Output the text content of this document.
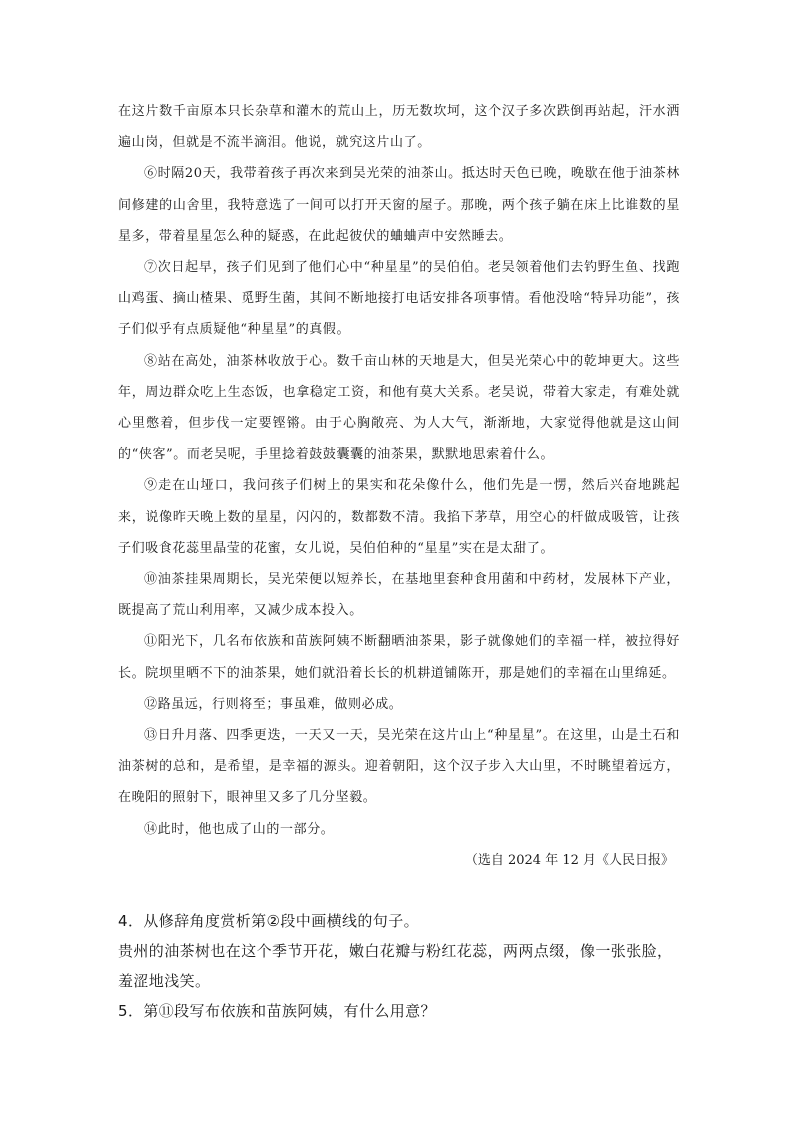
在这片数千亩原本只长杂草和灌木的荒山上，历无数坎坷，这个汉子多次跌倒再站起，汗水洒遍山岗，但就是不流半滴泪。他说，就究这片山了。

⑥时隔20天，我带着孩子再次来到吴光荣的油茶山。抵达时天色已晚，晚歇在他于油茶林间修建的山舍里，我特意选了一间可以打开天窗的屋子。那晚，两个孩子躺在床上比谁数的星星多，带着星星怎么种的疑惑，在此起彼伏的蛐蛐声中安然睡去。

⑦次日起早，孩子们见到了他们心中“种星星”的吴伯伯。老吴领着他们去钓野生鱼、找跑山鸡蛋、摘山楂果、觅野生菌，其间不断地接打电话安排各项事情。看他没啥“特异功能”，孩子们似乎有点质疑他“种星星”的真假。

⑧站在高处，油茶林收放于心。数千亩山林的天地是大，但吴光荣心中的乾坤更大。这些年，周边群众吃上生态饭，也拿稳定工资，和他有莫大关系。老吴说，带着大家走，有难处就心里憋着，但步伐一定要铿锵。由于心胸敞亮、为人大气，渐渐地，大家觉得他就是这山间的“侠客”。而老吴呢，手里捻着鼓鼓囊囊的油茶果，默默地思索着什么。

⑨走在山垭口，我问孩子们树上的果实和花朵像什么，他们先是一愣，然后兴奋地跳起来，说像昨天晚上数的星星，闪闪的，数都数不清。我掐下茅草，用空心的杆做成吸管，让孩子们吸食花蕊里晶莹的花蜜，女儿说，吴伯伯种的“星星”实在是太甜了。

⑩油茶挂果周期长，吴光荣便以短养长，在基地里套种食用菌和中药材，发展林下产业，既提高了荒山利用率，又减少成本投入。

⑪阳光下，几名布依族和苗族阿姨不断翻晒油茶果，影子就像她们的幸福一样，被拉得好长。院坝里晒不下的油茶果，她们就沿着长长的机耕道铺陈开，那是她们的幸福在山里绵延。

⑫路虽远，行则将至；事虽难，做则必成。

⑬日升月落、四季更迭，一天又一天，吴光荣在这片山上“种星星”。在这里，山是土石和油茶树的总和，是希望，是幸福的源头。迎着朝阳，这个汉子步入大山里，不时眺望着远方，在晚阳的照射下，眼神里又多了几分坚毅。

⑭此时，他也成了山的一部分。

（选自 2024 年 12 月《人民日报》

4．从修辞角度赏析第②段中画横线的句子。

贵州的油茶树也在这个季节开花，嫩白花瓣与粉红花蕊，两两点缀，像一张张脸，羞涩地浅笑。

5．第⑪段写布依族和苗族阿姨，有什么用意？
